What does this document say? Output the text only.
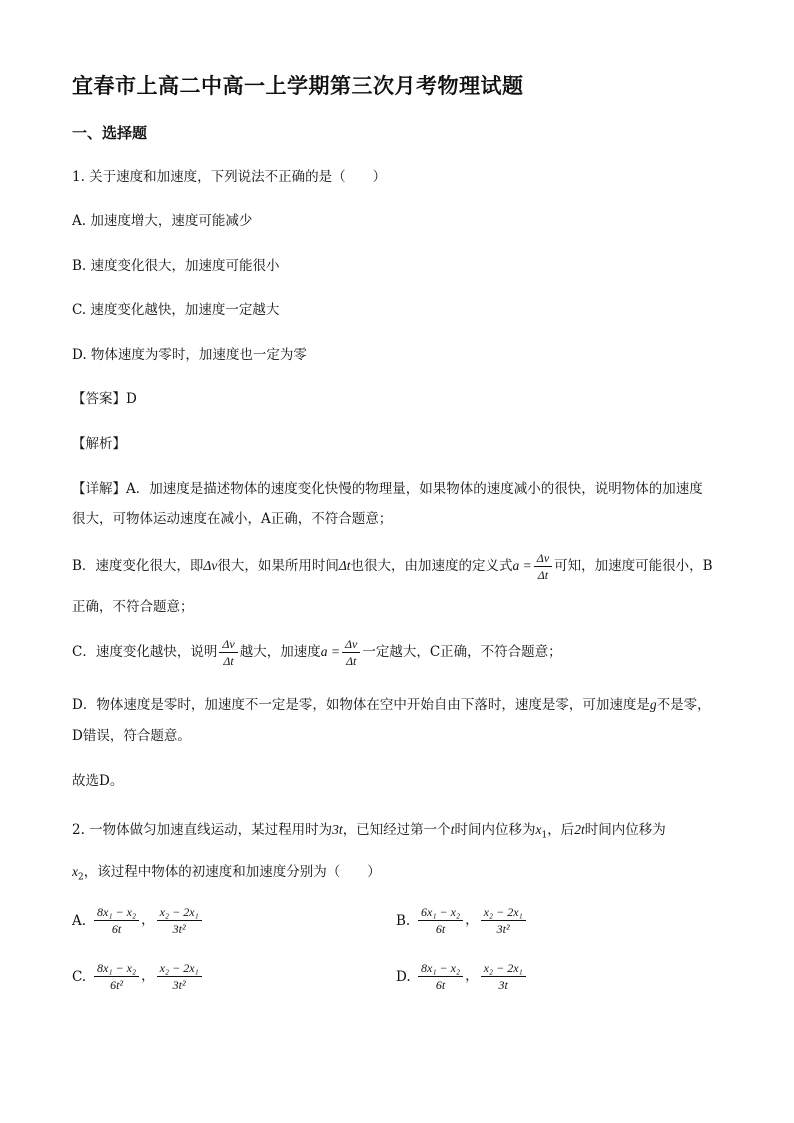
宜春市上高二中高一上学期第三次月考物理试题
一、选择题
1. 关于速度和加速度，下列说法不正确的是（　　）
A. 加速度增大，速度可能减少
B. 速度变化很大，加速度可能很小
C. 速度变化越快，加速度一定越大
D. 物体速度为零时，加速度也一定为零
【答案】D
【解析】
【详解】A．加速度是描述物体的速度变化快慢的物理量，如果物体的速度减小的很快，说明物体的加速度
很大，可物体运动速度在减小，A正确，不符合题意；
B．速度变化很大，即Δv很大，如果所用时间Δt也很大，由加速度的定义式$a = \frac{\Delta v}{\Delta t}$ 可知，加速度可能很小，B
正确，不符合题意；
C．速度变化越快，说明 $\frac{\Delta v}{\Delta t}$ 越大，加速度$a = \frac{\Delta v}{\Delta t}$ 一定越大，C正确，不符合题意；
D．物体速度是零时，加速度不一定是零，如物体在空中开始自由下落时，速度是零，可加速度是g不是零，
D错误，符合题意。
故选D。
2. 一物体做匀加速直线运动，某过程用时为3t，已知经过第一个t时间内位移为$x_1$，后2t时间内位移为
$x_2$，该过程中物体的初速度和加速度分别为（　　）
A. $\frac{\text{8x₁ − x₂}}{6t}$ ， $\frac{\text{x₂ − 2x₁}}{\text{3t²}}$	B. $\frac{\text{6x₁ − x₂}}{6t}$ ， $\frac{\text{x₂ − 2x₁}}{\text{3t²}}$
C. $\frac{\text{8x₁ − x₂}}{\text{6t²}}$ ， $\frac{\text{x₂ − 2x₁}}{\text{3t²}}$	D. $\frac{\text{8x₁ − x₂}}{6t}$ ， $\frac{\text{x₂ − 2x₁}}{3t}$
